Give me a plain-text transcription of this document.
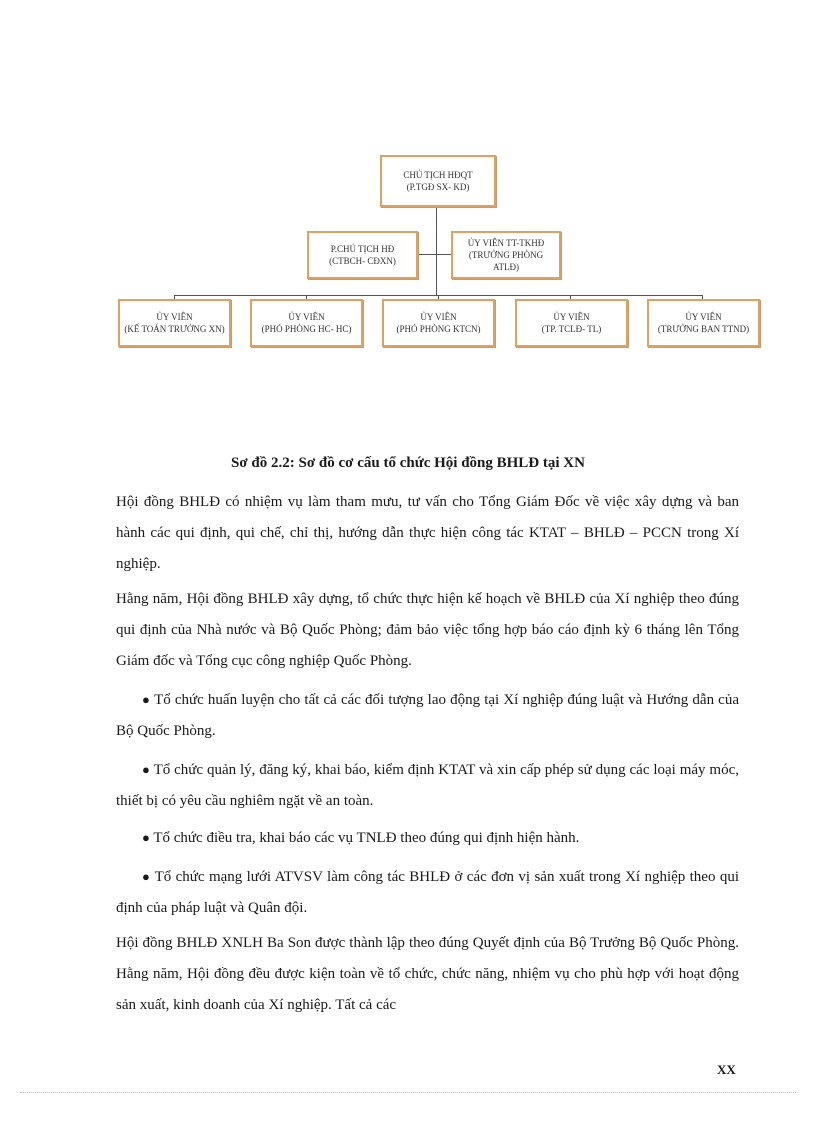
CHỦ TỊCH HĐQT
(P.TGĐ SX- KD)
P.CHỦ TỊCH HĐ
(CTBCH- CĐXN)
ỦY VIÊN TT-TKHĐ
(TRƯỞNG PHÒNG ATLĐ)
ỦY VIÊN
(KẾ TOÁN TRƯỞNG XN)
ỦY VIÊN
(PHÓ PHÒNG HC- HC)
ỦY VIÊN
(PHÓ PHÒNG KTCN)
ỦY VIÊN
(TP. TCLĐ- TL)
ỦY VIÊN
(TRƯỞNG BAN TTND)
Sơ đồ 2.2: Sơ đồ cơ cấu tổ chức Hội đồng BHLĐ tại XN

Hội đồng BHLĐ có nhiệm vụ làm tham mưu, tư vấn cho Tổng Giám Đốc về việc xây dựng và ban hành các qui định, qui chế, chỉ thị, hướng dẫn thực hiện công tác KTAT – BHLĐ – PCCN trong Xí nghiệp.

Hằng năm, Hội đồng BHLĐ xây dựng, tổ chức thực hiện kế hoạch về BHLĐ của Xí nghiệp theo đúng qui định của Nhà nước và Bộ Quốc Phòng; đảm bảo việc tổng hợp báo cáo định kỳ 6 tháng lên Tổng Giám đốc và Tổng cục công nghiệp Quốc Phòng.

● Tổ chức huấn luyện cho tất cả các đối tượng lao động tại Xí nghiệp đúng luật và Hướng dẫn của Bộ Quốc Phòng.

● Tổ chức quản lý, đăng ký, khai báo, kiểm định KTAT và xin cấp phép sử dụng các loại máy móc, thiết bị có yêu cầu nghiêm ngặt về an toàn.

● Tổ chức điều tra, khai báo các vụ TNLĐ theo đúng qui định hiện hành.

● Tổ chức mạng lưới ATVSV làm công tác BHLĐ ở các đơn vị sản xuất trong Xí nghiệp theo qui định của pháp luật và Quân đội.

Hội đồng BHLĐ XNLH Ba Son được thành lập theo đúng Quyết định của Bộ Trưởng Bộ Quốc Phòng. Hằng năm, Hội đồng đều được kiện toàn về tổ chức, chức năng, nhiệm vụ cho phù hợp với hoạt động sản xuất, kinh doanh của Xí nghiệp. Tất cả các

XX
